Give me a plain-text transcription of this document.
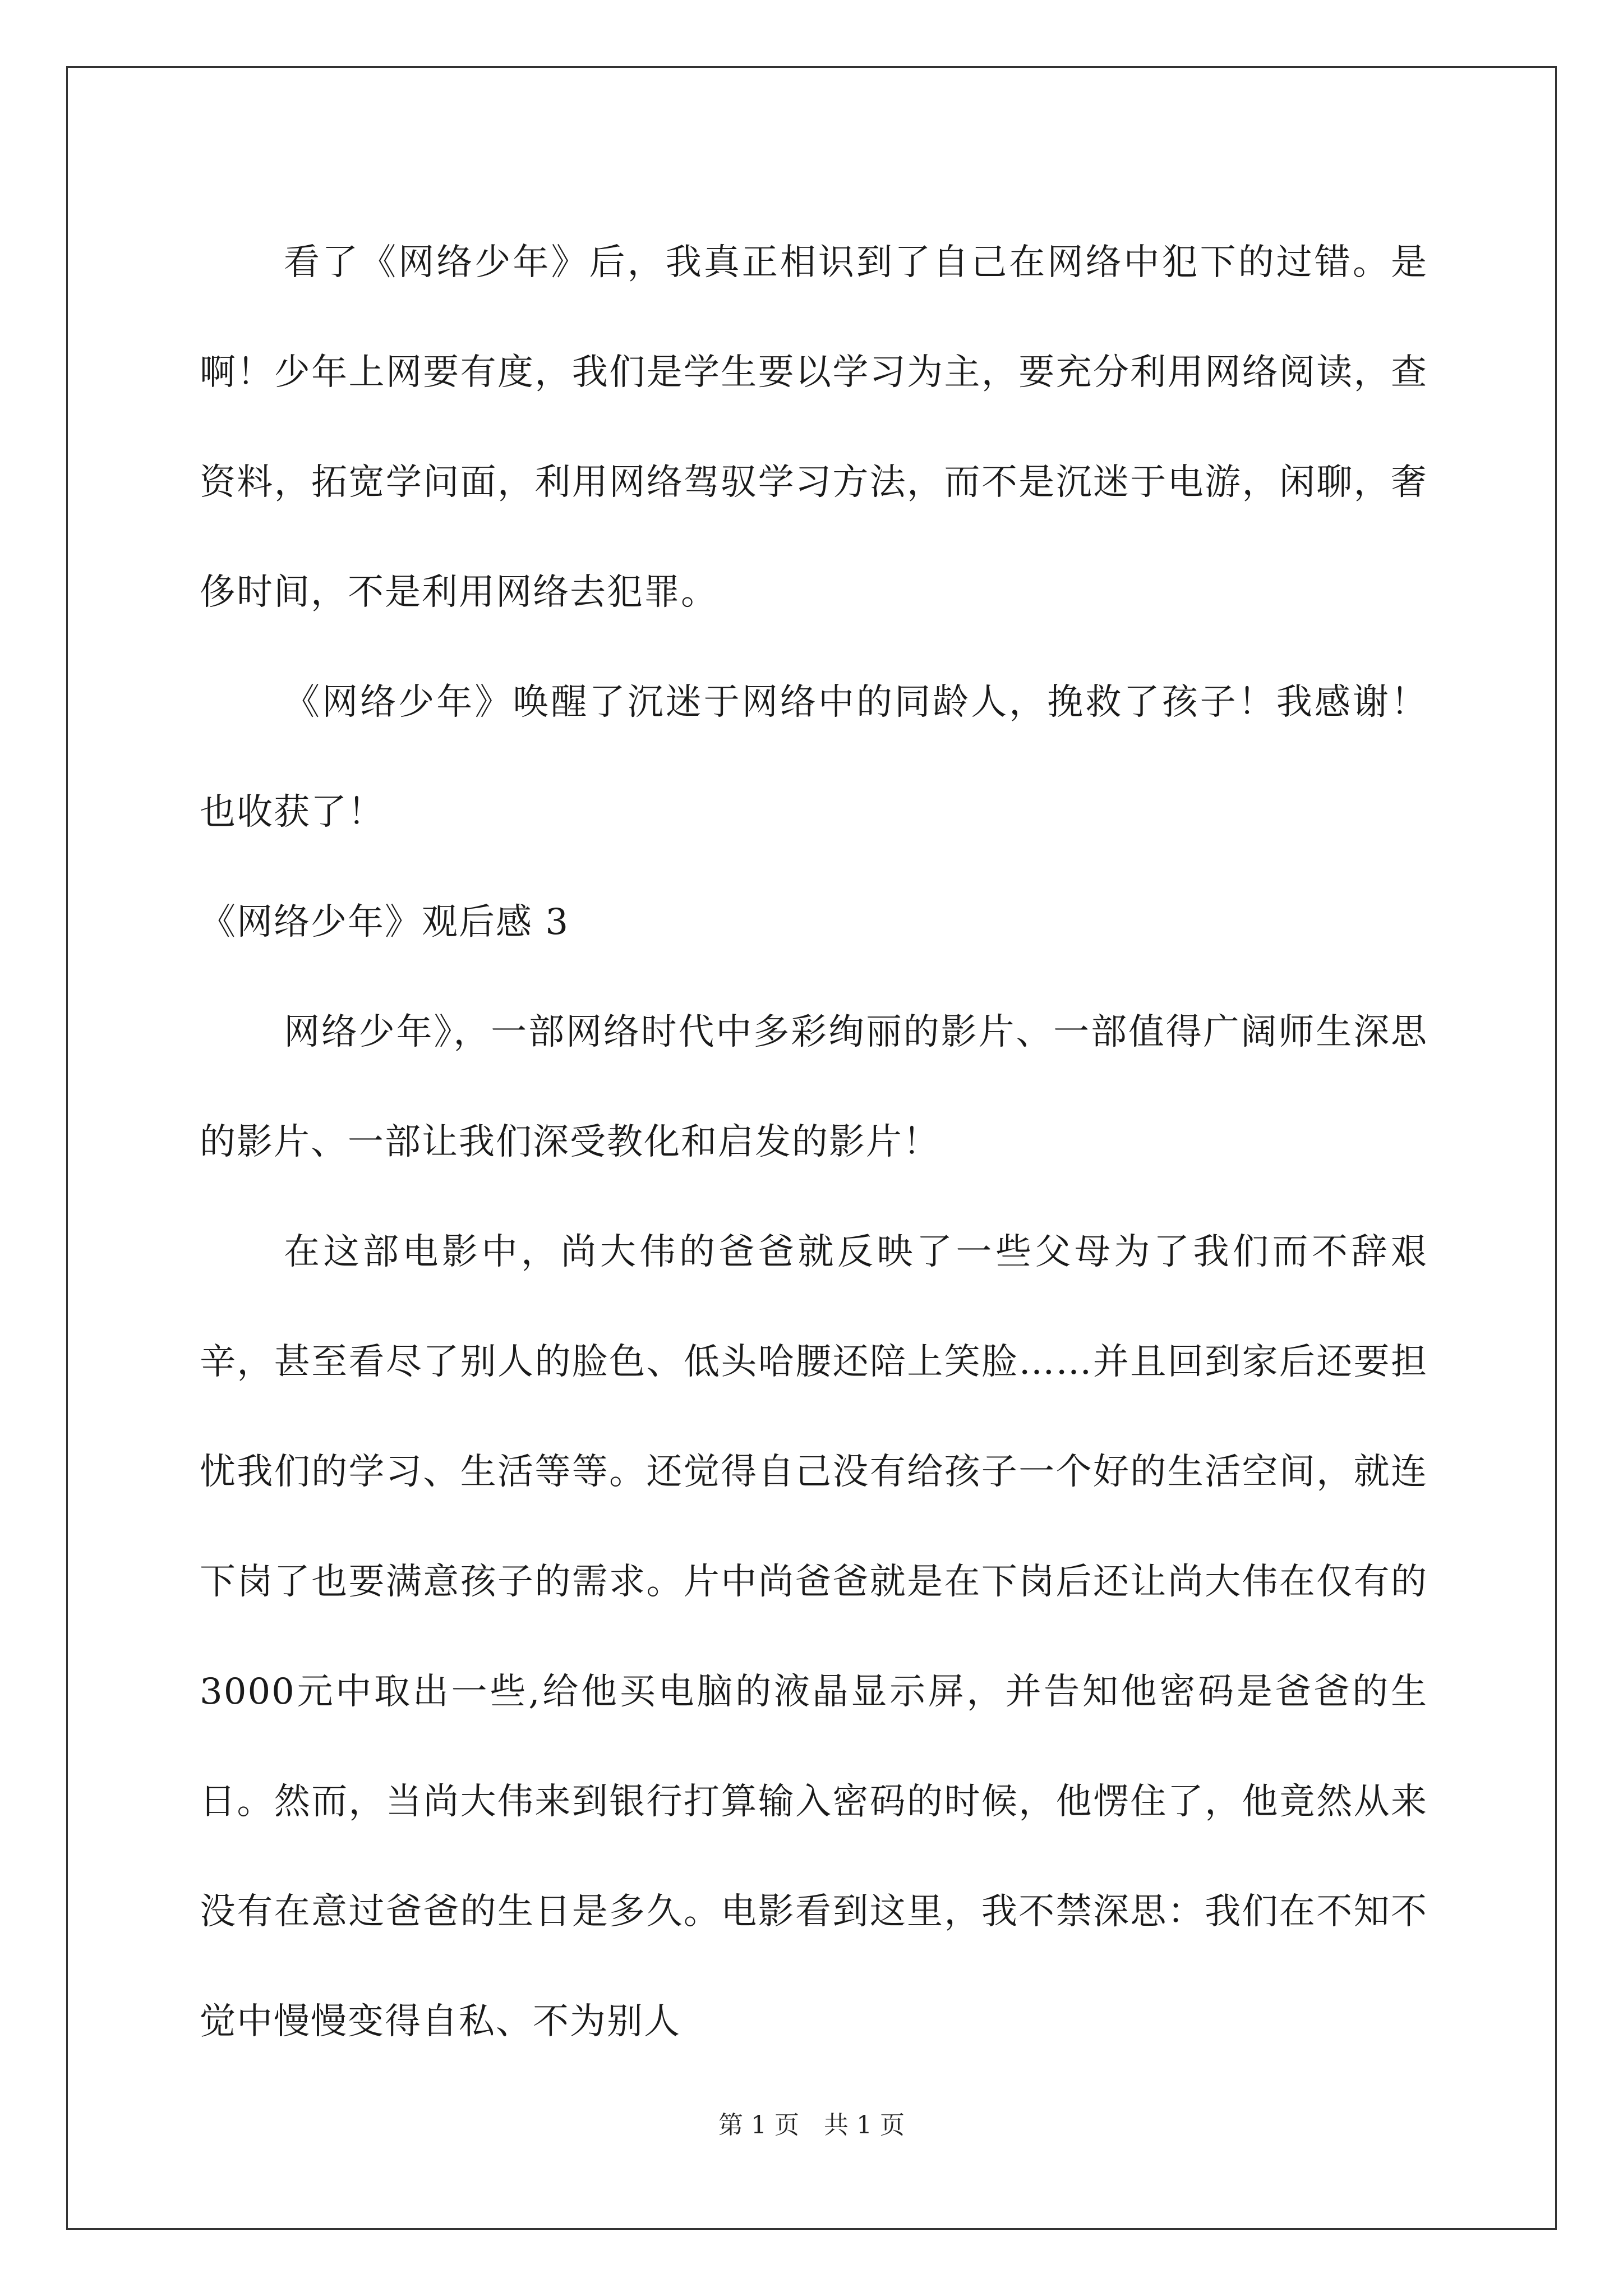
看了《网络少年》后，我真正相识到了自己在网络中犯下的过错。是啊！少年上网要有度，我们是学生要以学习为主，要充分利用网络阅读，查资料，拓宽学问面，利用网络驾驭学习方法，而不是沉迷于电游，闲聊，奢侈时间，不是利用网络去犯罪。

《网络少年》唤醒了沉迷于网络中的同龄人，挽救了孩子！我感谢！也收获了！

《网络少年》观后感 3

网络少年》，一部网络时代中多彩绚丽的影片、一部值得广阔师生深思的影片、一部让我们深受教化和启发的影片！

在这部电影中，尚大伟的爸爸就反映了一些父母为了我们而不辞艰辛，甚至看尽了别人的脸色、低头哈腰还陪上笑脸……并且回到家后还要担忧我们的学习、生活等等。还觉得自己没有给孩子一个好的生活空间，就连下岗了也要满意孩子的需求。片中尚爸爸就是在下岗后还让尚大伟在仅有的3000元中取出一些,给他买电脑的液晶显示屏，并告知他密码是爸爸的生日。然而，当尚大伟来到银行打算输入密码的时候，他愣住了，他竟然从来没有在意过爸爸的生日是多久。电影看到这里，我不禁深思：我们在不知不觉中慢慢变得自私、不为别人

第 1 页　共 1 页
